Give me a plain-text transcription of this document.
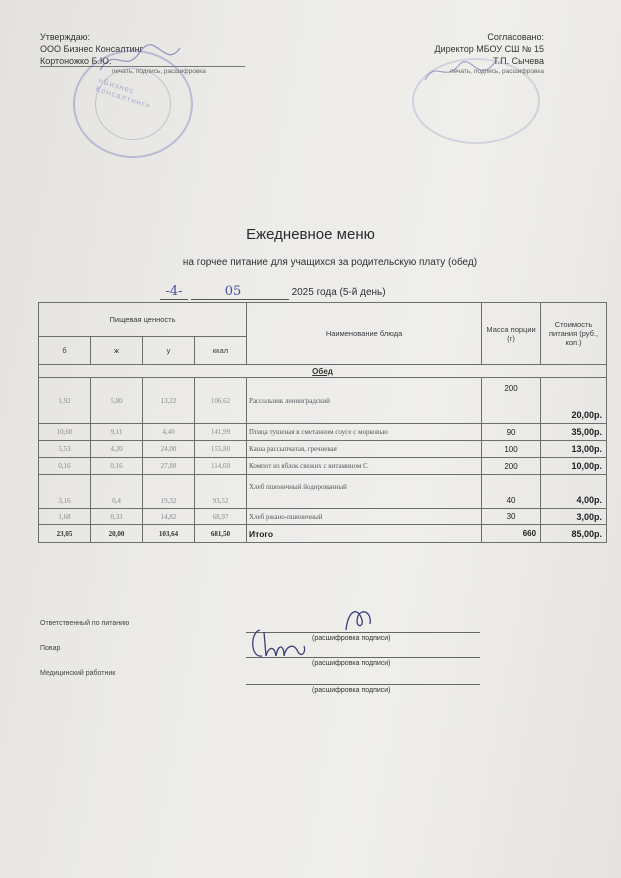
Утверждаю:
ООО Бизнес Консалтинг
Кортоножко Б.Ю.
печать, подпись, расшифровка
«Бизнес Консалтинг»
Согласовано:
Директор МБОУ СШ № 15
Т.П. Сычева
печать, подпись, расшифровка
Ежедневное меню
на горчее питание для учащихся за родительскую плату (обед)
-4-	05	2025 года (5-й день)
Пищевая ценность				Наименование блюда	Масса порции (г)	Стоимость питания (руб., коп.)
б	ж	у	ккал			
Обед						
1,92	5,80	13,22	106,62	Рассольник ленинградский	200	20,00р.
10,60	9,11	4,40	141,99	Птица тушеная в сметанном соусе с морковью	90	35,00р.
5,53	4,20	24,00	155,80	Каша рассыпчатая, гречневая	100	13,00р.
0,16	0,16	27,88	114,60	Компот из яблок свежих с витамином С	200	10,00р.
3,16	0,4	19,32	93,52	Хлеб пшеничный йодированный	40	4,00р.
1,68	0,33	14,82	68,97	Хлеб ржано-пшеничный	30	3,00р.
23,05	20,00	103,64	681,50	Итого	660	85,00р.
Ответственный по питанию
(расшифровка подписи)
Повар
(расшифровка подписи)
Медицинский работник
(расшифровка подписи)
